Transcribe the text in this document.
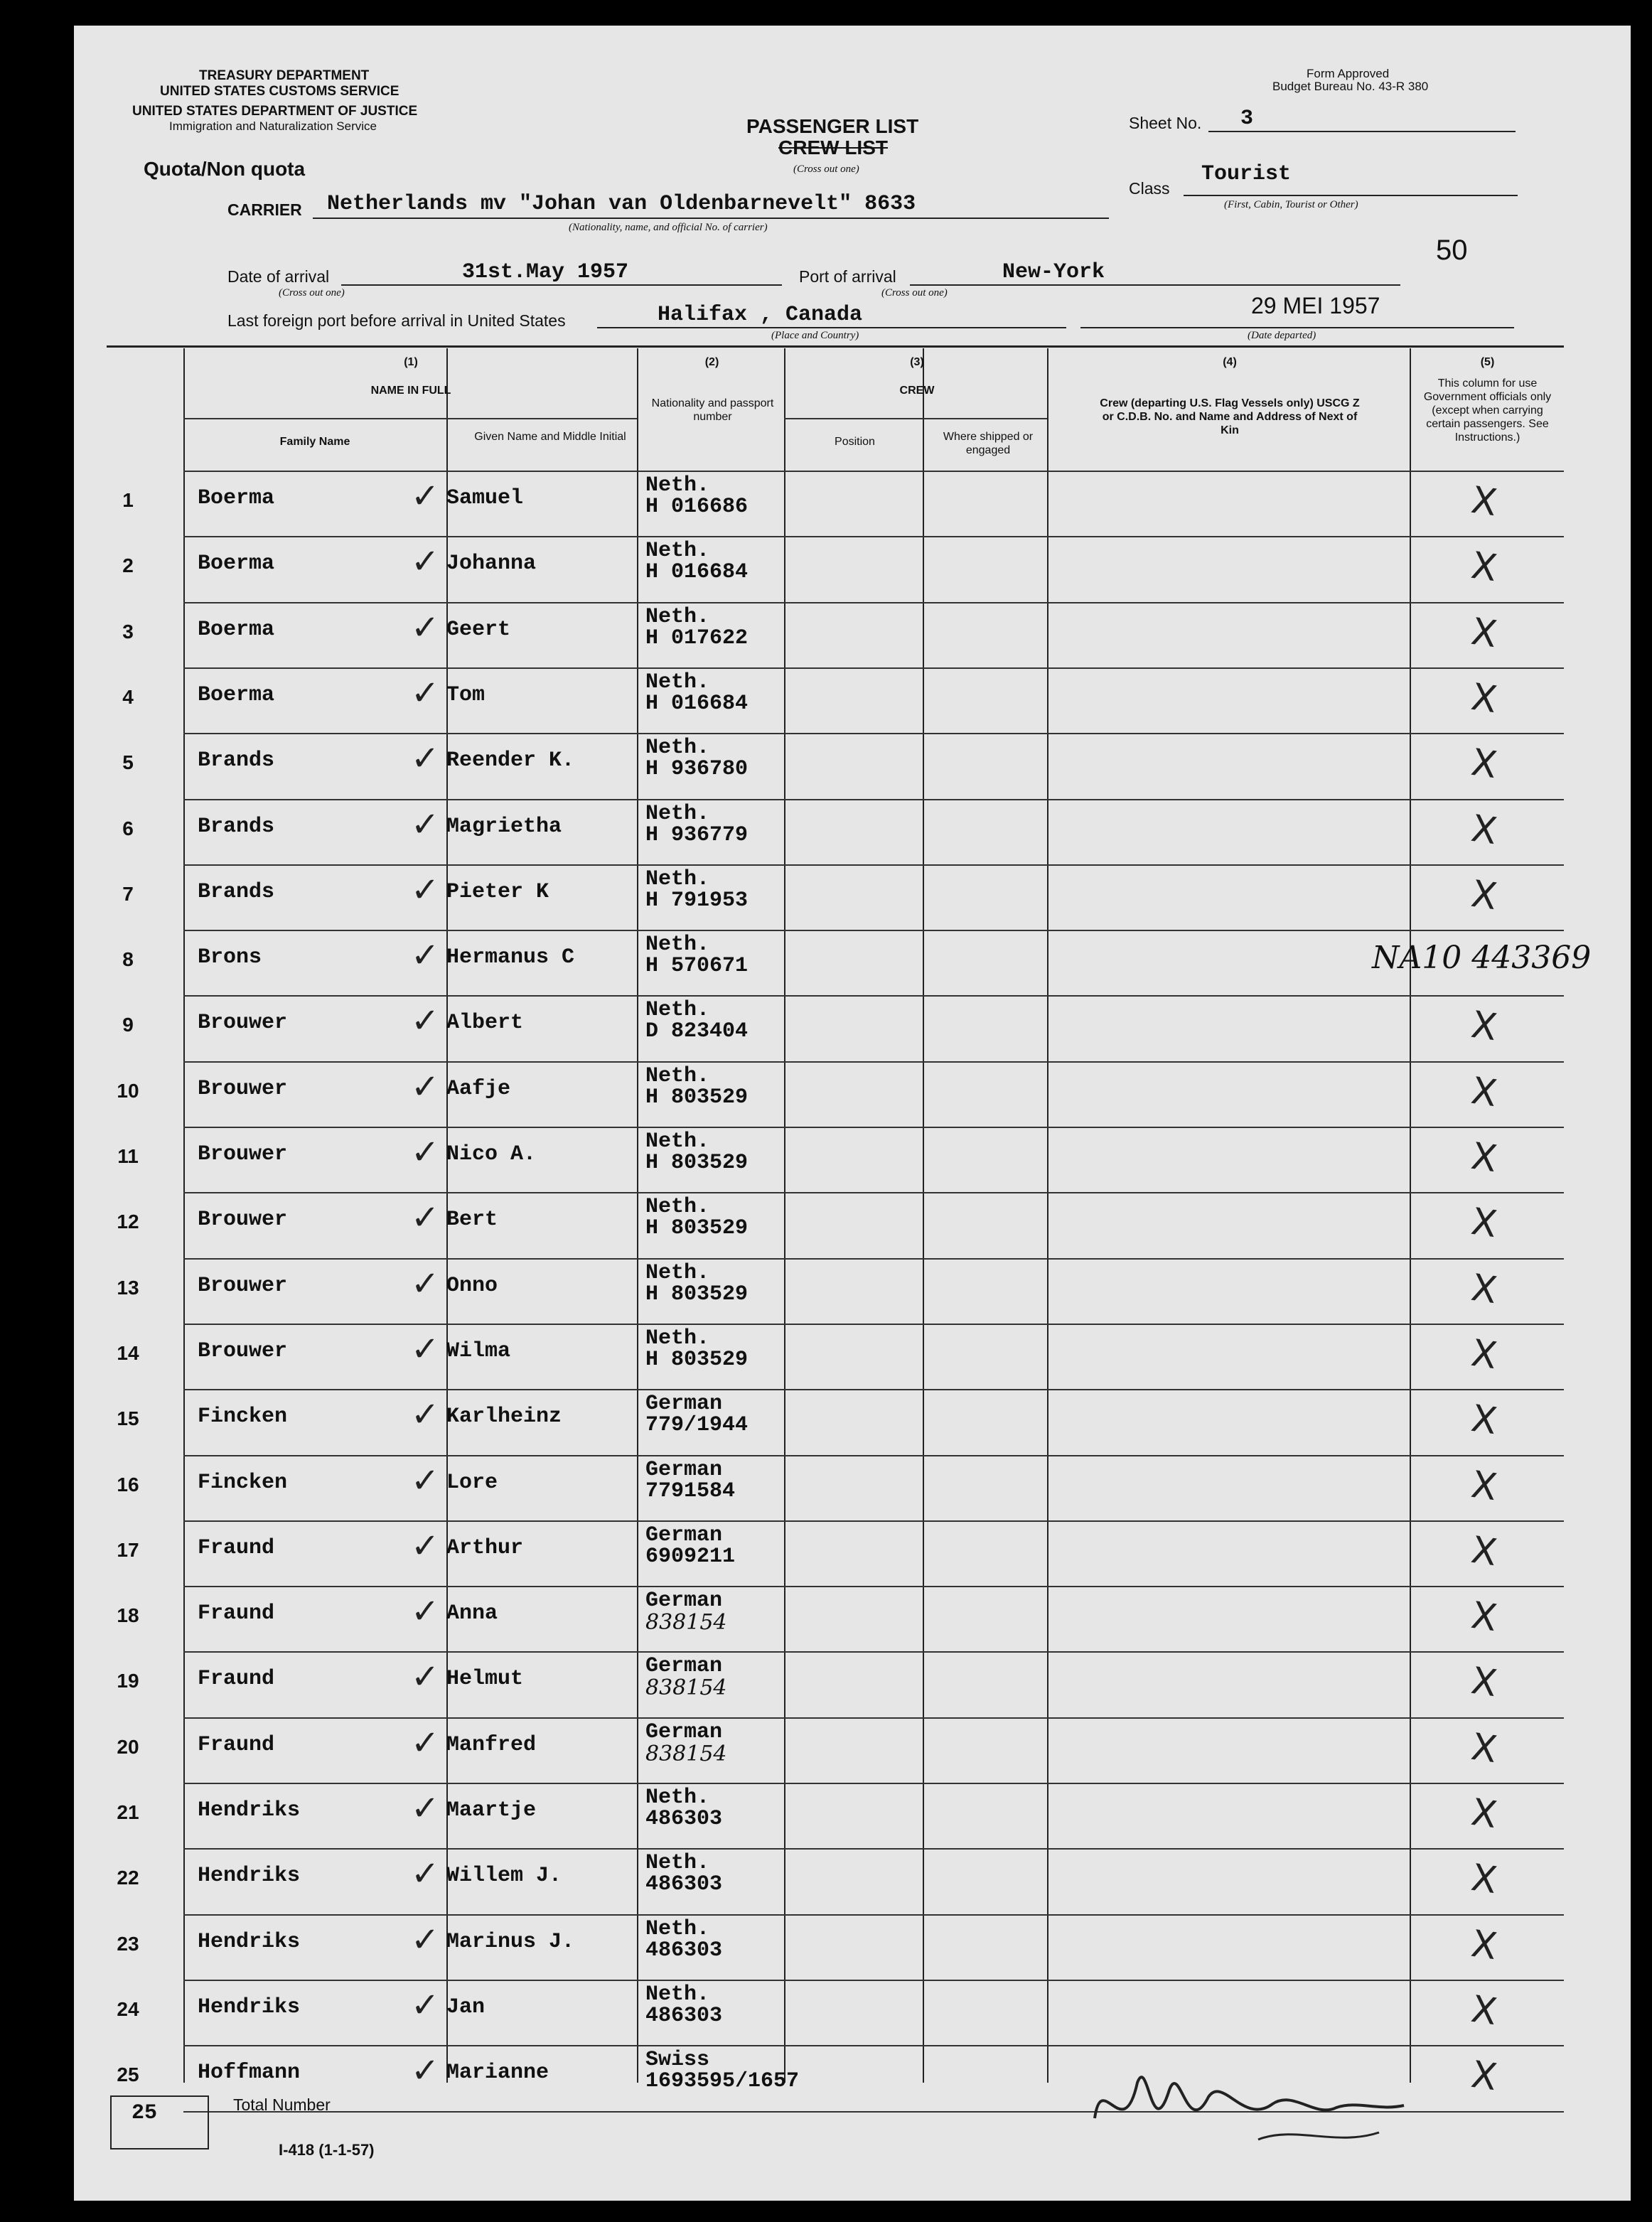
TREASURY DEPARTMENT
UNITED STATES CUSTOMS SERVICE
UNITED STATES DEPARTMENT OF JUSTICE
Immigration and Naturalization Service
Form Approved
Budget Bureau No. 43-R 380
PASSENGER LIST
CREW LIST
(Cross out one)
Sheet No. 3
Quota/Non quota
Class
Tourist
(First, Cabin, Tourist or Other)
CARRIER Netherlands mv "Johan van Oldenbarnevelt" 8633
(Nationality, name, and official No. of carrier)
50
Date of arrival	31st.May 1957
(Cross out one)
Port of arrival	New-York
(Cross out one)
Last foreign port before arrival in United States	Halifax , Canada
(Place and Country)
29 MEI 1957
(Date departed)
(1)
NAME IN FULL
Family Name	Given Name and Middle Initial
(2)
Nationality and passport number
(3)
CREW
Position	Where shipped or engaged
(4)
Crew (departing U.S. Flag Vessels only) USCG Z or C.D.B. No. and Name and Address of Next of Kin
(5)
This column for use Government officials only (except when carrying certain passengers. See Instructions.)
1	Boerma	✓ Samuel
Neth.
H 016686	X
2	Boerma	✓ Johanna
Neth.
H 016684	X
3	Boerma	✓ Geert
Neth.
H 017622	X
4	Boerma	✓ Tom
Neth.
H 016684	X
5	Brands	✓ Reender K.
Neth.
H 936780	X
6	Brands	✓ Magrietha
Neth.
H 936779	X
7	Brands	✓ Pieter K
Neth.
H 791953	X
8	Brons	✓ Hermanus C
Neth.
H 570671	NA10 443369
9	Brouwer	✓ Albert
Neth.
D 823404	X
10	Brouwer	✓ Aafje
Neth.
H 803529	X
11	Brouwer	✓ Nico A.
Neth.
H 803529	X
12	Brouwer	✓ Bert
Neth.
H 803529	X
13	Brouwer	✓ Onno
Neth.
H 803529	X
14	Brouwer	✓ Wilma
Neth.
H 803529	X
15	Fincken	✓ Karlheinz
German
779/1944	X
16	Fincken	✓ Lore
German
7791584	X
17	Fraund	✓ Arthur
German
6909211	X
18	Fraund	✓ Anna
German
838154	X
19	Fraund	✓ Helmut
German
838154	X
20	Fraund	✓ Manfred
German
838154	X
21	Hendriks	✓ Maartje
Neth.
486303	X
22	Hendriks	✓ Willem J.
Neth.
486303	X
23	Hendriks	✓ Marinus J.
Neth.
486303	X
24	Hendriks	✓ Jan
Neth.
486303	X
25	Hoffmann	✓ Marianne
Swiss
1693595/1657	X
25	Total Number
I-418 (1-1-57)
